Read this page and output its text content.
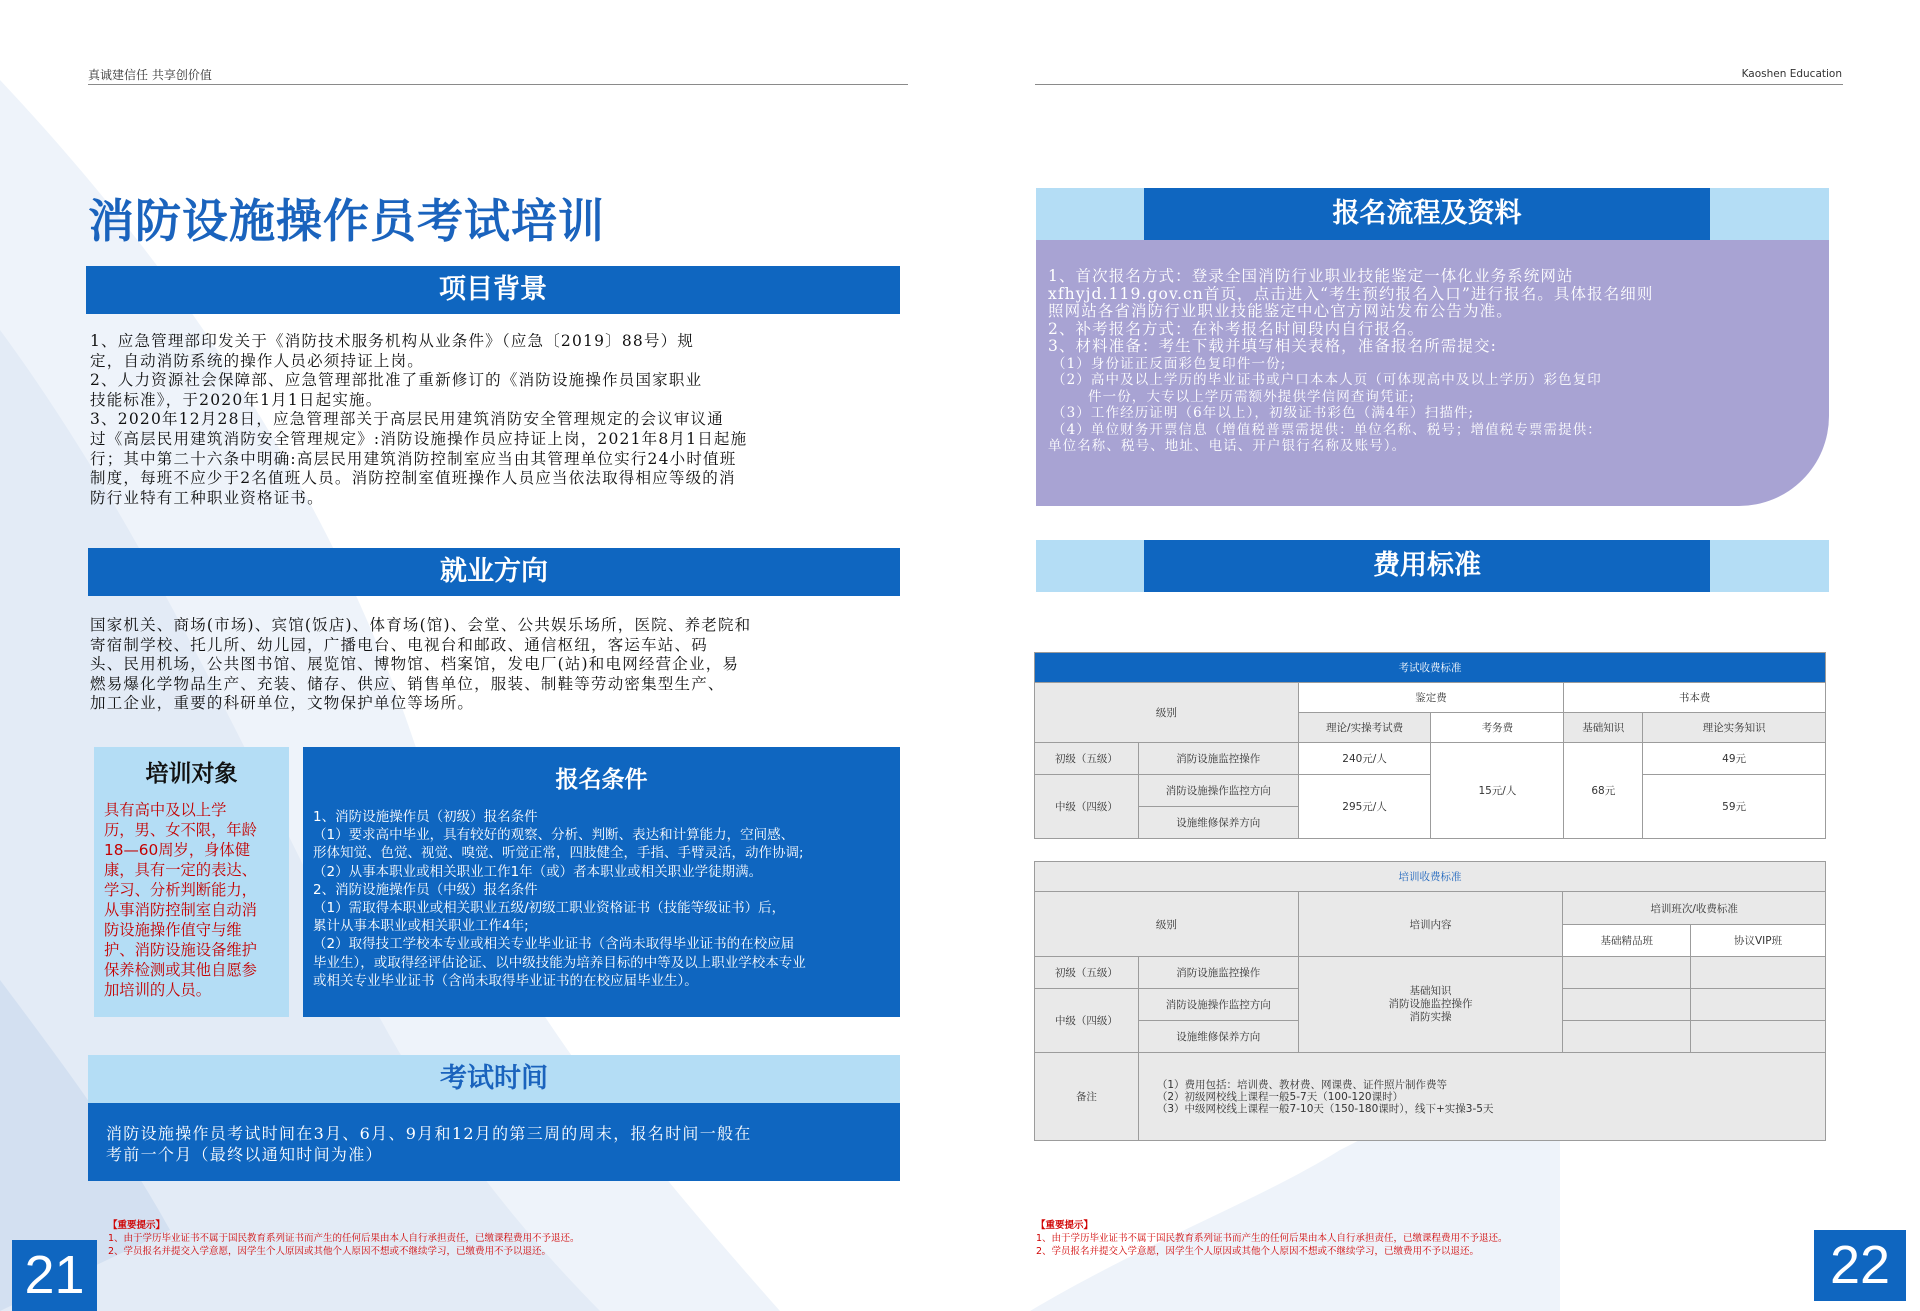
真诚建信任 共享创价值
消防设施操作员考试培训
项目背景
1、应急管理部印发关于《消防技术服务机构从业条件》（应急〔2019〕88号）规
定，自动消防系统的操作人员必须持证上岗。
2、人力资源社会保障部、应急管理部批准了重新修订的《消防设施操作员国家职业
技能标准》，于2020年1月1日起实施。
3、2020年12月28日，应急管理部关于高层民用建筑消防安全管理规定的会议审议通
过《高层民用建筑消防安全管理规定》:消防设施操作员应持证上岗，2021年8月1日起施
行；其中第二十六条中明确:高层民用建筑消防控制室应当由其管理单位实行24小时值班
制度，每班不应少于2名值班人员。消防控制室值班操作人员应当依法取得相应等级的消
防行业特有工种职业资格证书。
就业方向
国家机关、商场(市场)、宾馆(饭店)、体育场(馆)、会堂、公共娱乐场所，医院、养老院和
寄宿制学校、托儿所、幼儿园，广播电台、电视台和邮政、通信枢纽，客运车站、码
头、民用机场，公共图书馆、展览馆、博物馆、档案馆，发电厂(站)和电网经营企业，易
燃易爆化学物品生产、充装、储存、供应、销售单位，服装、制鞋等劳动密集型生产、
加工企业，重要的科研单位，文物保护单位等场所。
培训对象
具有高中及以上学
历，男、女不限，年龄
18—60周岁，身体健
康，具有一定的表达、
学习、分析判断能力，
从事消防控制室自动消
防设施操作值守与维
护、消防设施设备维护
保养检测或其他自愿参
加培训的人员。
报名条件
1、消防设施操作员（初级）报名条件
（1）要求高中毕业，具有较好的观察、分析、判断、表达和计算能力，空间感、
形体知觉、色觉、视觉、嗅觉、听觉正常，四肢健全，手指、手臂灵活，动作协调;
（2）从事本职业或相关职业工作1年（或）者本职业或相关职业学徒期满。
2、消防设施操作员（中级）报名条件
（1）需取得本职业或相关职业五级/初级工职业资格证书（技能等级证书）后，
累计从事本职业或相关职业工作4年;
（2）取得技工学校本专业或相关专业毕业证书（含尚未取得毕业证书的在校应届
毕业生），或取得经评估论证、以中级技能为培养目标的中等及以上职业学校本专业
或相关专业毕业证书（含尚未取得毕业证书的在校应届毕业生）。
考试时间
消防设施操作员考试时间在3月、6月、9月和12月的第三周的周末，报名时间一般在
考前一个月（最终以通知时间为准）
【重要提示】
1、由于学历毕业证书不属于国民教育系列证书而产生的任何后果由本人自行承担责任，已缴课程费用不予退还。
2、学员报名并提交入学意愿，因学生个人原因或其他个人原因不想或不继续学习，已缴费用不予以退还。
21
Kaoshen Education
报名流程及资料
1、首次报名方式：登录全国消防行业职业技能鉴定一体化业务系统网站
xfhyjd.119.gov.cn首页，点击进入“考生预约报名入口”进行报名。具体报名细则
照网站各省消防行业职业技能鉴定中心官方网站发布公告为准。
2、补考报名方式：在补考报名时间段内自行报名。
3、材料准备：考生下载并填写相关表格，准备报名所需提交:
（1）身份证正反面彩色复印件一份;
（2）高中及以上学历的毕业证书或户口本本人页（可体现高中及以上学历）彩色复印
件一份，大专以上学历需额外提供学信网查询凭证;
（3）工作经历证明（6年以上），初级证书彩色（满4年）扫描件;
（4）单位财务开票信息（增值税普票需提供：单位名称、税号；增值税专票需提供：
单位名称、税号、地址、电话、开户银行名称及账号）。
费用标准
考试收费标准					
级别		鉴定费		书本费	
		理论/实操考试费	考务费	基础知识	理论实务知识
初级（五级）	消防设施监控操作	240元/人	15元/人	68元	49元
中级（四级）	消防设施操作监控方向	295元/人			59元
	设施维修保养方向				
培训收费标准				
级别		培训内容	培训班次/收费标准	
			基础精品班	协议VIP班
初级（五级）	消防设施监控操作	基础知识
消防设施监控操作
消防实操		

中级（四级）	消防设施操作监控方向			
	设施维修保养方向			
备注	（1）费用包括：培训费、教材费、网课费、证件照片制作费等
（2）初级网校线上课程一般5-7天（100-120课时）
（3）中级网校线上课程一般7-10天（150-180课时），线下+实操3-5天			
【重要提示】
1、由于学历毕业证书不属于国民教育系列证书而产生的任何后果由本人自行承担责任，已缴课程费用不予退还。
2、学员报名并提交入学意愿，因学生个人原因或其他个人原因不想或不继续学习，已缴费用不予以退还。	22
